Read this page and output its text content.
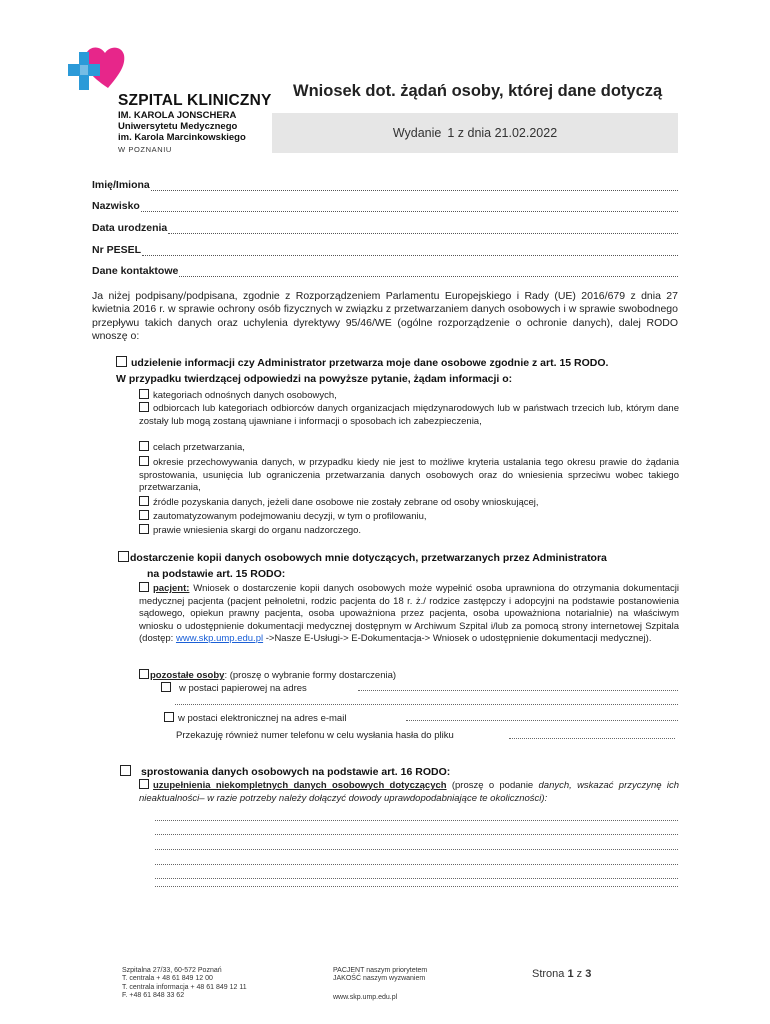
SZPITAL KLINICZNY
IM. KAROLA JONSCHERA
Uniwersytetu Medycznego
im. Karola Marcinkowskiego
W POZNANIU
Wniosek dot. żądań osoby, której dane dotyczą
Wydanie 1 z dnia 21.02.2022
Imię/Imiona
Nazwisko
Data urodzenia
Nr PESEL
Dane kontaktowe
Ja niżej podpisany/podpisana, zgodnie z Rozporządzeniem Parlamentu Europejskiego i Rady (UE) 2016/679 z dnia 27 kwietnia 2016 r. w sprawie ochrony osób fizycznych w związku z przetwarzaniem danych osobowych i w sprawie swobodnego przepływu takich danych oraz uchylenia dyrektywy 95/46/WE (ogólne rozporządzenie o ochronie danych), dalej RODO wnoszę o:
udzielenie informacji czy Administrator przetwarza moje dane osobowe zgodnie z art. 15 RODO.
W przypadku twierdzącej odpowiedzi na powyższe pytanie, żądam informacji o:
kategoriach odnośnych danych osobowych,
odbiorcach lub kategoriach odbiorców danych organizacjach międzynarodowych lub w państwach trzecich lub, którym dane zostały lub mogą zostaną ujawniane i informacji o sposobach ich zabezpieczenia,
celach przetwarzania,
okresie przechowywania danych, w przypadku kiedy nie jest to możliwe kryteria ustalania tego okresu prawie do żądania sprostowania, usunięcia lub ograniczenia przetwarzania danych osobowych oraz do wniesienia sprzeciwu wobec takiego przetwarzania,
źródle pozyskania danych, jeżeli dane osobowe nie zostały zebrane od osoby wnioskującej,
zautomatyzowanym podejmowaniu decyzji, w tym o profilowaniu,
prawie wniesienia skargi do organu nadzorczego.
dostarczenie kopii danych osobowych mnie dotyczących, przetwarzanych przez Administratora
na podstawie art. 15 RODO:
pacjent: Wniosek o dostarczenie kopii danych osobowych może wypełnić osoba uprawniona do otrzymania dokumentacji medycznej pacjenta (pacjent pełnoletni, rodzic pacjenta do 18 r. ż./ rodzice zastępczy i adopcyjni na podstawie postanowienia sądowego, opiekun prawny pacjenta, osoba upoważniona przez pacjenta, osoba upoważniona notarialnie) na właściwym wniosku o udostępnienie dokumentacji medycznej dostępnym w Archiwum Szpital i/lub za pomocą strony internetowej Szpitala (dostęp: www.skp.ump.edu.pl ->Nasze E-Usługi-> E-Dokumentacja-> Wniosek o udostępnienie dokumentacji medycznej).
pozostałe osoby: (proszę o wybranie formy dostarczenia)
w postaci papierowej na adres
w postaci elektronicznej na adres e-mail
Przekazuję również numer telefonu w celu wysłania hasła do pliku
sprostowania danych osobowych na podstawie art. 16 RODO:
uzupełnienia niekompletnych danych osobowych dotyczących (proszę o podanie danych, wskazać przyczynę ich nieaktualności– w razie potrzeby należy dołączyć dowody uprawdopodabniające te okoliczności):
Szpitalna 27/33, 60-572 Poznań
T. centrala + 48 61 849 12 00
T. centrala informacja + 48 61 849 12 11
F. +48 61 848 33 62
PACJENT naszym priorytetem
JAKOŚĆ naszym wyzwaniem
www.skp.ump.edu.pl
Strona 1 z 3
